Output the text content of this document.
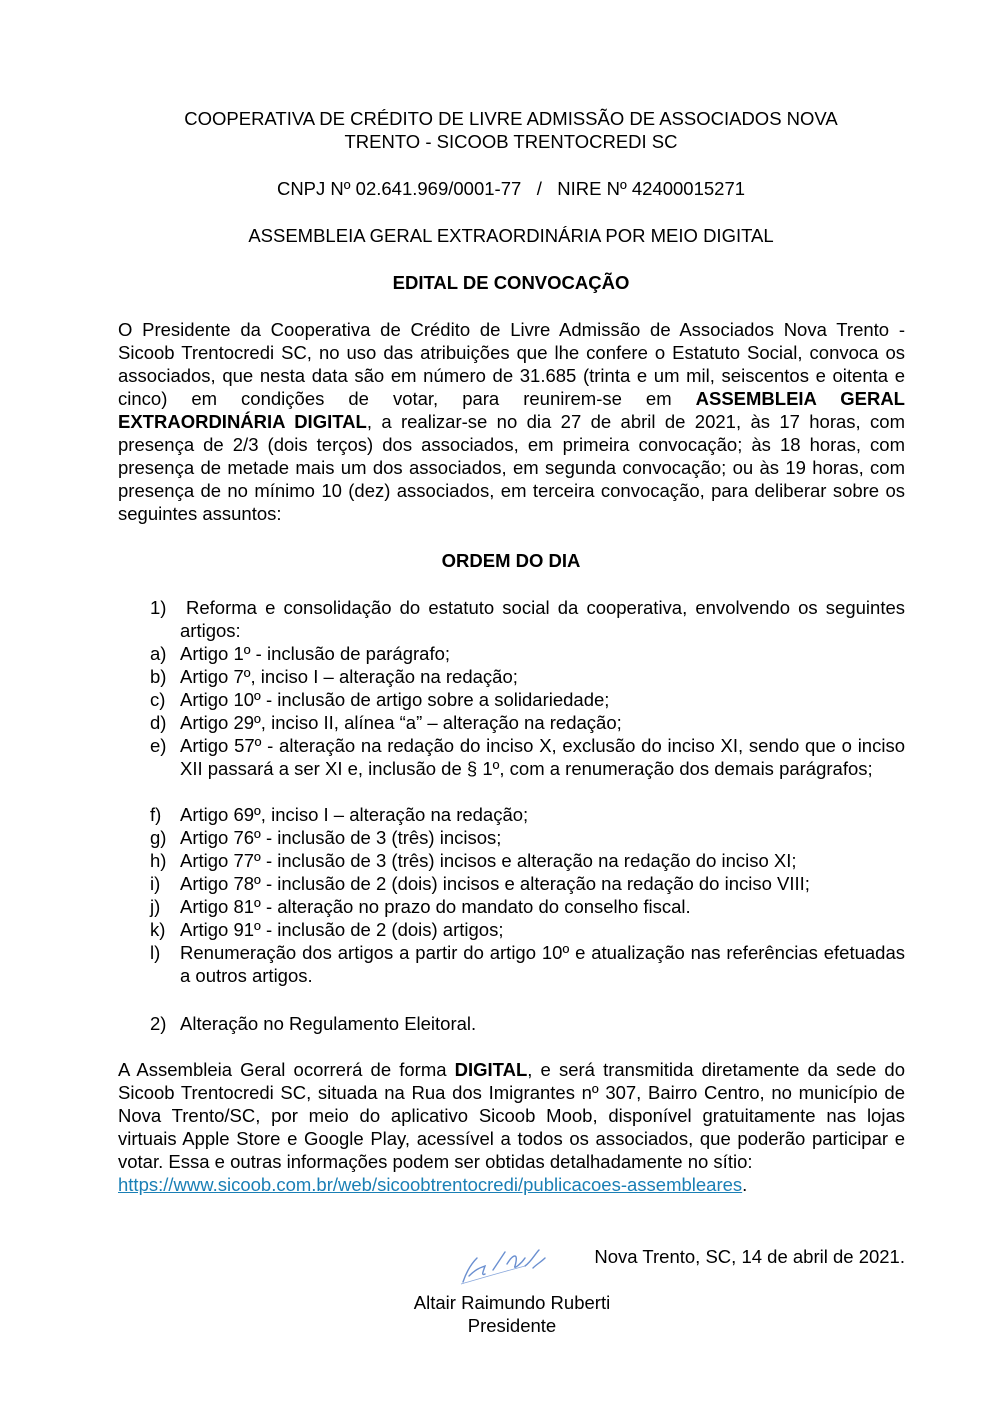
COOPERATIVA DE CRÉDITO DE LIVRE ADMISSÃO DE ASSOCIADOS NOVA

TRENTO - SICOOB TRENTOCREDI SC

CNPJ Nº 02.641.969/0001-77   /   NIRE Nº 42400015271

ASSEMBLEIA GERAL EXTRAORDINÁRIA POR MEIO DIGITAL

EDITAL DE CONVOCAÇÃO

O Presidente da Cooperativa de Crédito de Livre Admissão de Associados Nova Trento - Sicoob Trentocredi SC, no uso das atribuições que lhe confere o Estatuto Social, convoca os associados, que nesta data são em número de 31.685 (trinta e um mil, seiscentos e oitenta e cinco) em condições de votar, para reunirem-se em ASSEMBLEIA GERAL EXTRAORDINÁRIA DIGITAL, a realizar-se no dia 27 de abril de 2021, às 17 horas, com presença de 2/3 (dois terços) dos associados, em primeira convocação; às 18 horas, com presença de metade mais um dos associados, em segunda convocação; ou às 19 horas, com presença de no mínimo 10 (dez) associados, em terceira convocação, para deliberar sobre os seguintes assuntos:

ORDEM DO DIA

1)	Reforma e consolidação do estatuto social da cooperativa, envolvendo os seguintes artigos:
a) Artigo 1º - inclusão de parágrafo;
b) Artigo 7º, inciso I – alteração na redação;
c) Artigo 10º - inclusão de artigo sobre a solidariedade;
d) Artigo 29º, inciso II, alínea “a” – alteração na redação;
e) Artigo 57º - alteração na redação do inciso X, exclusão do inciso XI, sendo que o inciso XII passará a ser XI e, inclusão de § 1º, com a renumeração dos demais parágrafos;
f) Artigo 69º, inciso I – alteração na redação;
g) Artigo 76º - inclusão de 3 (três) incisos;
h) Artigo 77º - inclusão de 3 (três) incisos e alteração na redação do inciso XI;
i) Artigo 78º - inclusão de 2 (dois) incisos e alteração na redação do inciso VIII;
j) Artigo 81º - alteração no prazo do mandato do conselho fiscal.
k) Artigo 91º - inclusão de 2 (dois) artigos;
l) Renumeração dos artigos a partir do artigo 10º e atualização nas referências efetuadas a outros artigos.
2) Alteração no Regulamento Eleitoral.

A Assembleia Geral ocorrerá de forma DIGITAL, e será transmitida diretamente da sede do Sicoob Trentocredi SC, situada na Rua dos Imigrantes nº 307, Bairro Centro, no município de Nova Trento/SC, por meio do aplicativo Sicoob Moob, disponível gratuitamente nas lojas virtuais Apple Store e Google Play, acessível a todos os associados, que poderão participar e votar. Essa e outras informações podem ser obtidas detalhadamente no sítio:
https://www.sicoob.com.br/web/sicoobtrentocredi/publicacoes-assembleares.

Nova Trento, SC, 14 de abril de 2021.

Altair Raimundo Ruberti

Presidente
